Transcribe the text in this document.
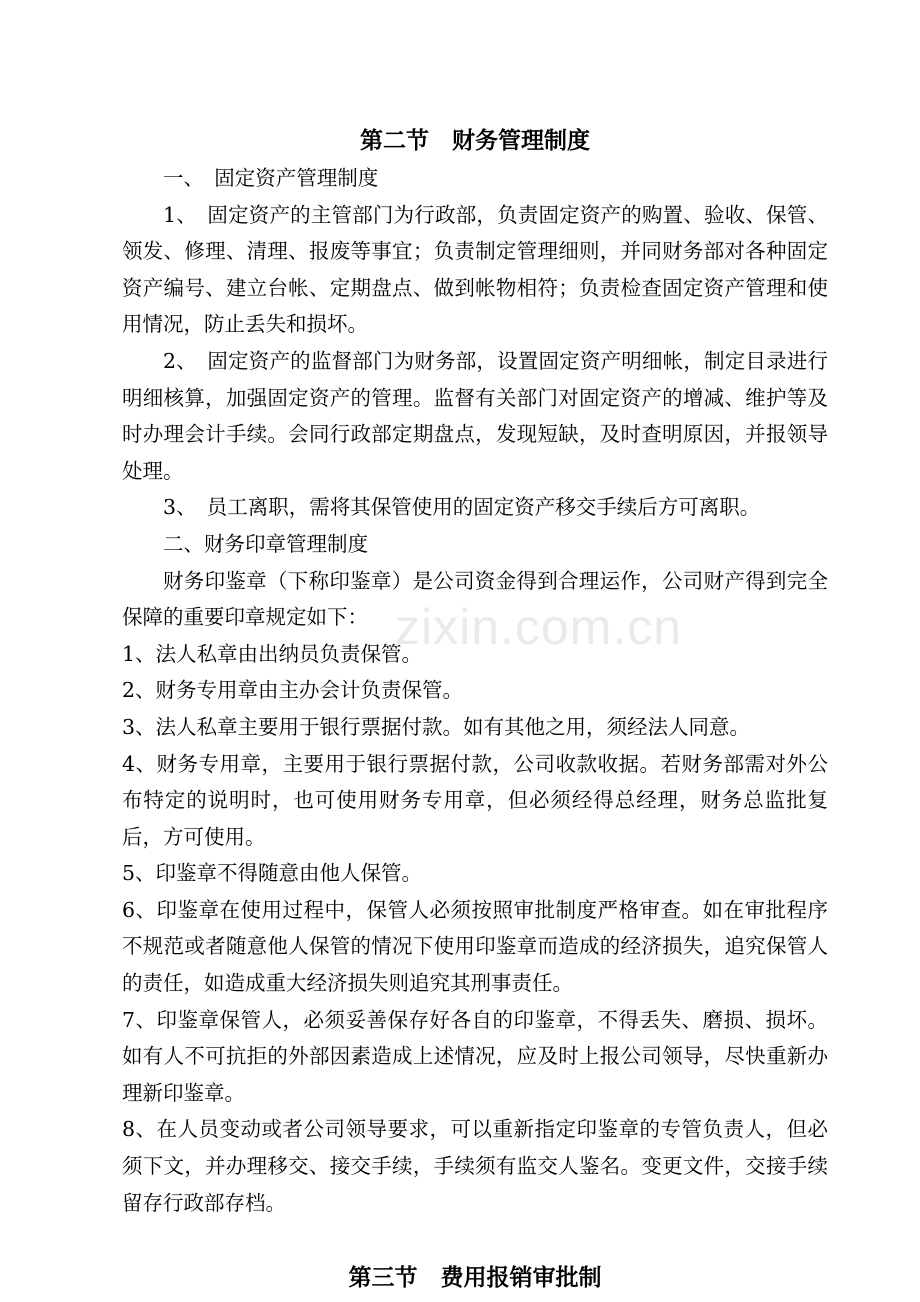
第二节　财务管理制度

一、　固定资产管理制度

1、　固定资产的主管部门为行政部，负责固定资产的购置、验收、保管、领发、修理、清理、报废等事宜；负责制定管理细则，并同财务部对各种固定资产编号、建立台帐、定期盘点、做到帐物相符；负责检查固定资产管理和使用情况，防止丢失和损坏。

2、　固定资产的监督部门为财务部，设置固定资产明细帐，制定目录进行明细核算，加强固定资产的管理。监督有关部门对固定资产的增减、维护等及时办理会计手续。会同行政部定期盘点，发现短缺，及时查明原因，并报领导处理。

3、　员工离职，需将其保管使用的固定资产移交手续后方可离职。

二、财务印章管理制度

财务印鉴章（下称印鉴章）是公司资金得到合理运作，公司财产得到完全保障的重要印章规定如下：

1、法人私章由出纳员负责保管。

2、财务专用章由主办会计负责保管。

3、法人私章主要用于银行票据付款。如有其他之用，须经法人同意。

4、财务专用章，主要用于银行票据付款，公司收款收据。若财务部需对外公布特定的说明时，也可使用财务专用章，但必须经得总经理，财务总监批复后，方可使用。

5、印鉴章不得随意由他人保管。

6、印鉴章在使用过程中，保管人必须按照审批制度严格审查。如在审批程序不规范或者随意他人保管的情况下使用印鉴章而造成的经济损失，追究保管人的责任，如造成重大经济损失则追究其刑事责任。

7、印鉴章保管人，必须妥善保存好各自的印鉴章，不得丢失、磨损、损坏。如有人不可抗拒的外部因素造成上述情况，应及时上报公司领导，尽快重新办理新印鉴章。

8、在人员变动或者公司领导要求，可以重新指定印鉴章的专管负责人，但必须下文，并办理移交、接交手续，手续须有监交人鉴名。变更文件，交接手续留存行政部存档。

第三节　费用报销审批制
zixin.com.cn
